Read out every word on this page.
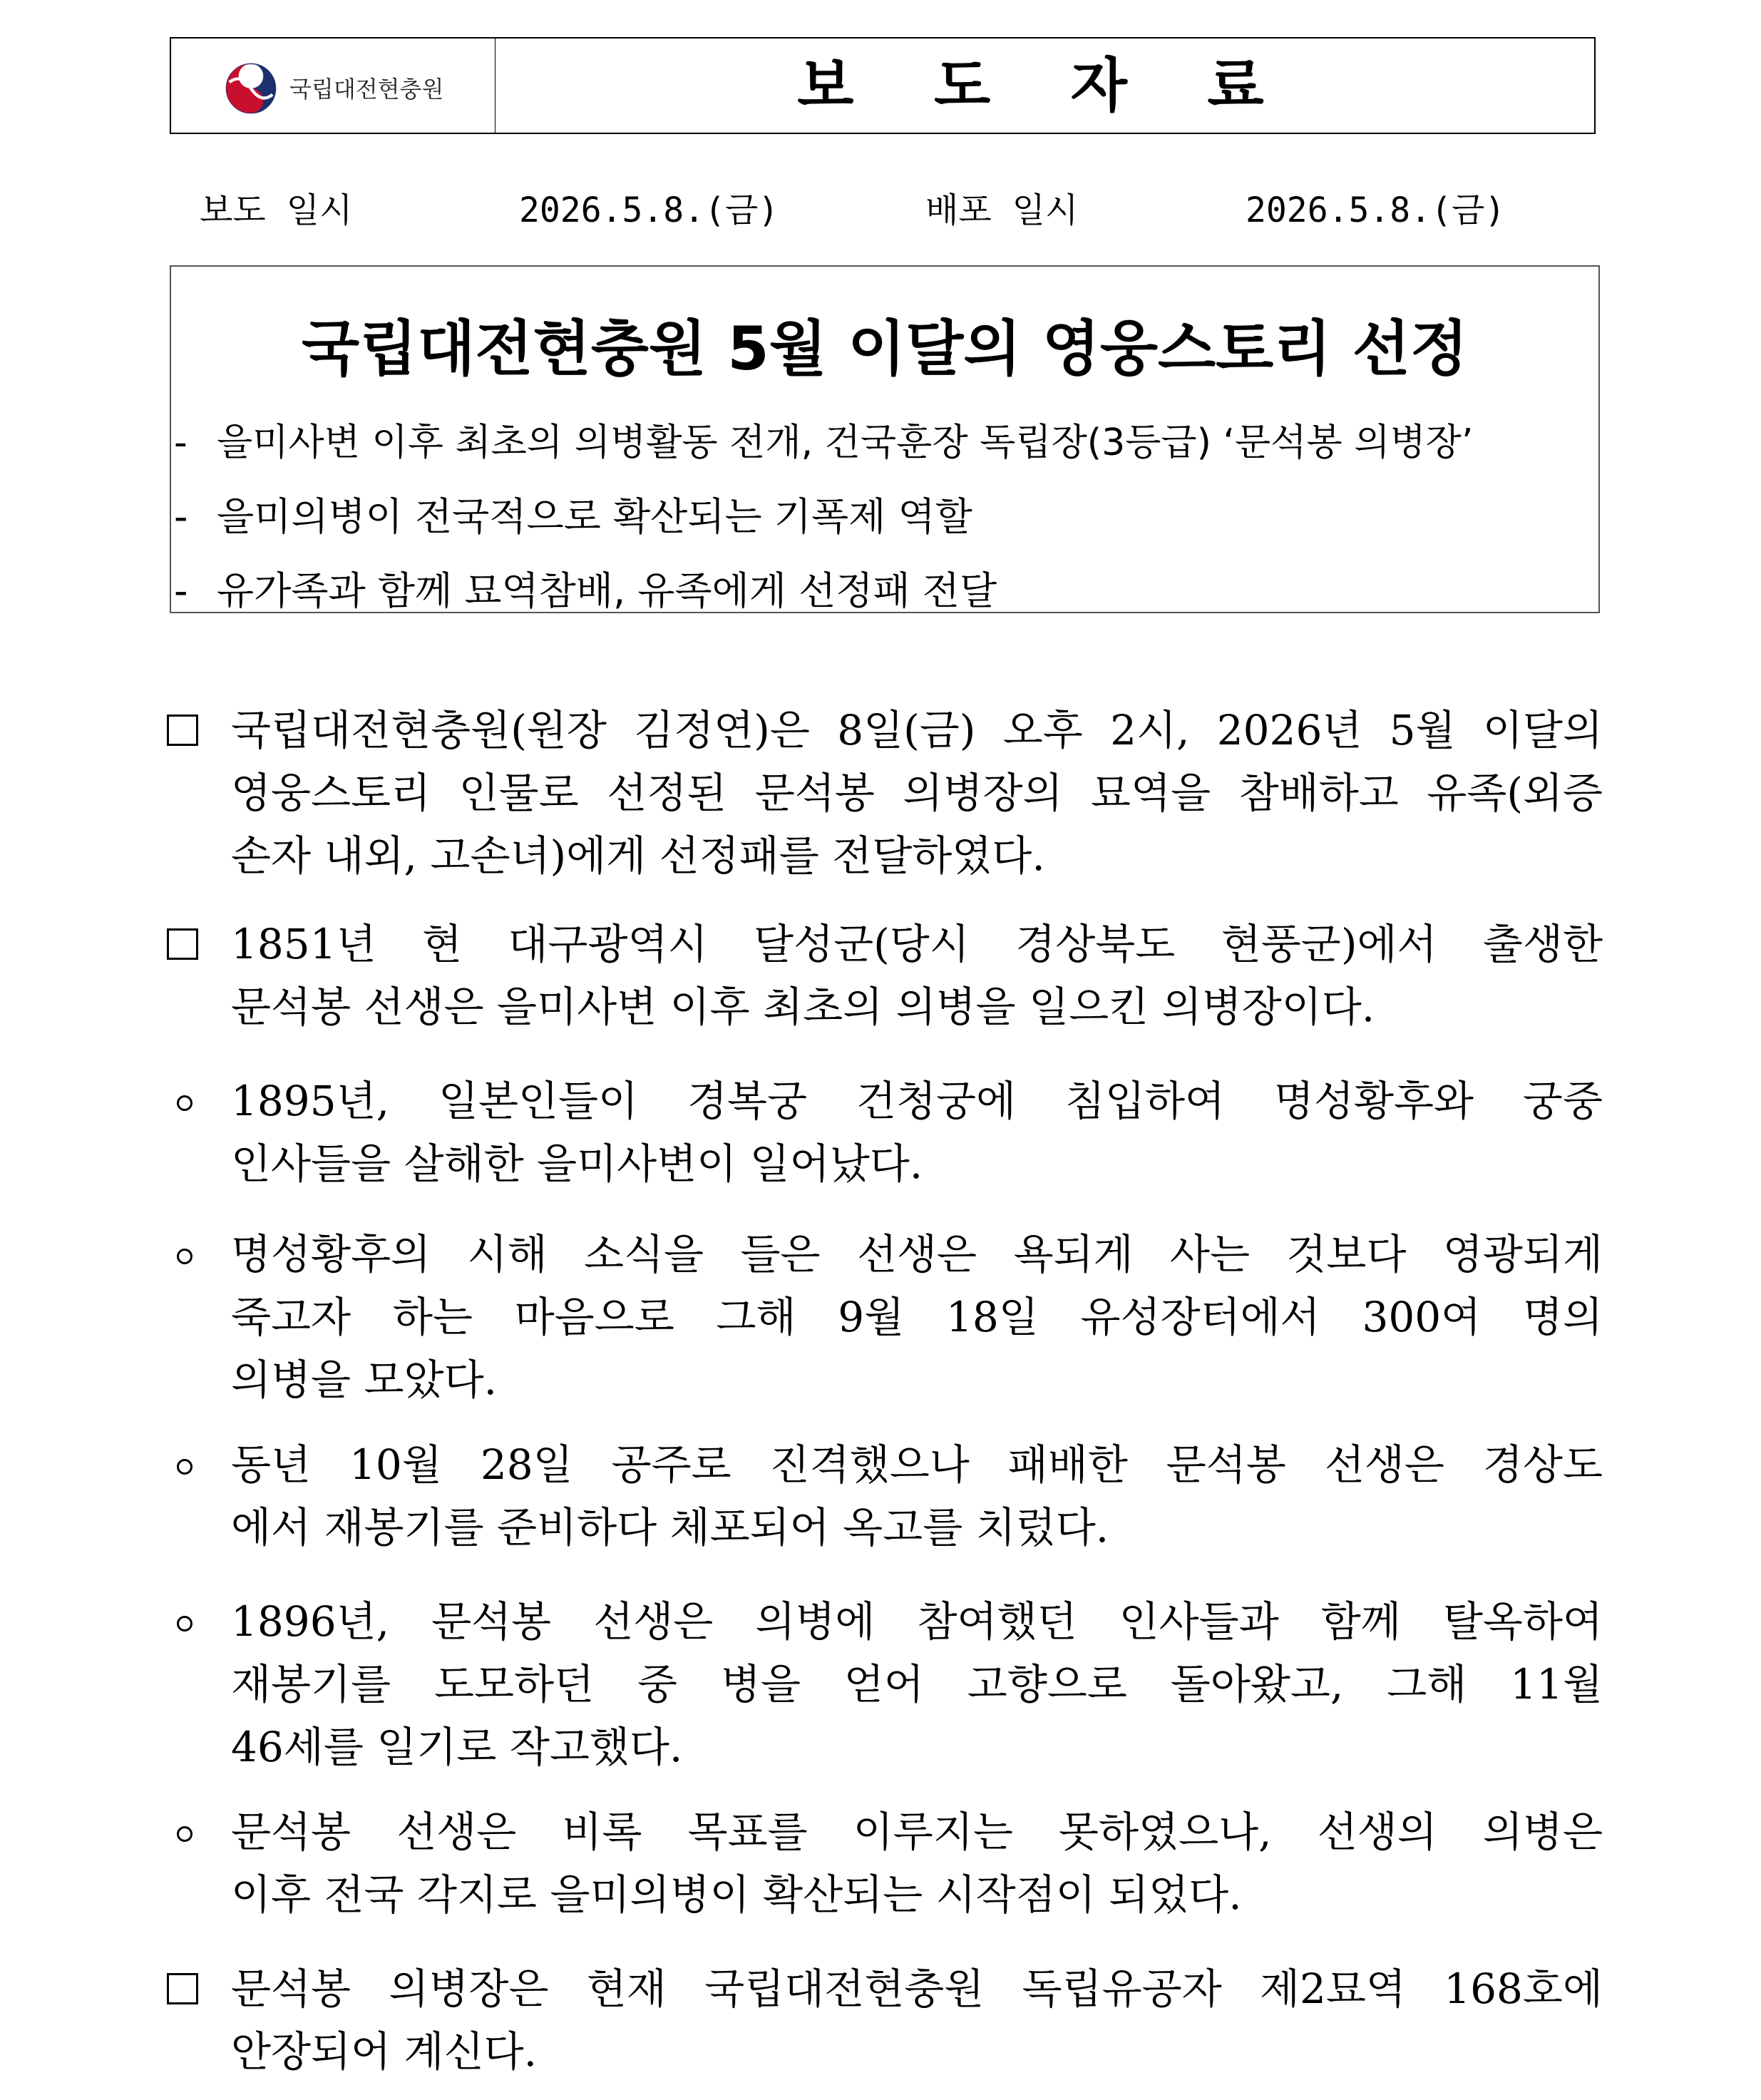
국립대전현충원	보 도 자 료
보도 일시	2026.5.8.(금)	배포 일시	2026.5.8.(금)
국립대전현충원 5월 이달의 영웅스토리 선정
- 을미사변 이후 최초의 의병활동 전개, 건국훈장 독립장(3등급) ‘문석봉 의병장’
- 을미의병이 전국적으로 확산되는 기폭제 역할
- 유가족과 함께 묘역참배, 유족에게 선정패 전달
국립대전현충원(원장 김정연)은 8일(금) 오후 2시, 2026년 5월 이달의
영웅스토리 인물로 선정된 문석봉 의병장의 묘역을 참배하고 유족(외증
손자 내외, 고손녀)에게 선정패를 전달하였다.
1851년 현 대구광역시 달성군(당시 경상북도 현풍군)에서 출생한
문석봉 선생은 을미사변 이후 최초의 의병을 일으킨 의병장이다.
1895년, 일본인들이 경복궁 건청궁에 침입하여 명성황후와 궁중
인사들을 살해한 을미사변이 일어났다.
명성황후의 시해 소식을 들은 선생은 욕되게 사는 것보다 영광되게
죽고자 하는 마음으로 그해 9월 18일 유성장터에서 300여 명의
의병을 모았다.
동년 10월 28일 공주로 진격했으나 패배한 문석봉 선생은 경상도
에서 재봉기를 준비하다 체포되어 옥고를 치렀다.
1896년, 문석봉 선생은 의병에 참여했던 인사들과 함께 탈옥하여
재봉기를 도모하던 중 병을 얻어 고향으로 돌아왔고, 그해 11월
46세를 일기로 작고했다.
문석봉 선생은 비록 목표를 이루지는 못하였으나, 선생의 의병은
이후 전국 각지로 을미의병이 확산되는 시작점이 되었다.
문석봉 의병장은 현재 국립대전현충원 독립유공자 제2묘역 168호에
안장되어 계신다.
